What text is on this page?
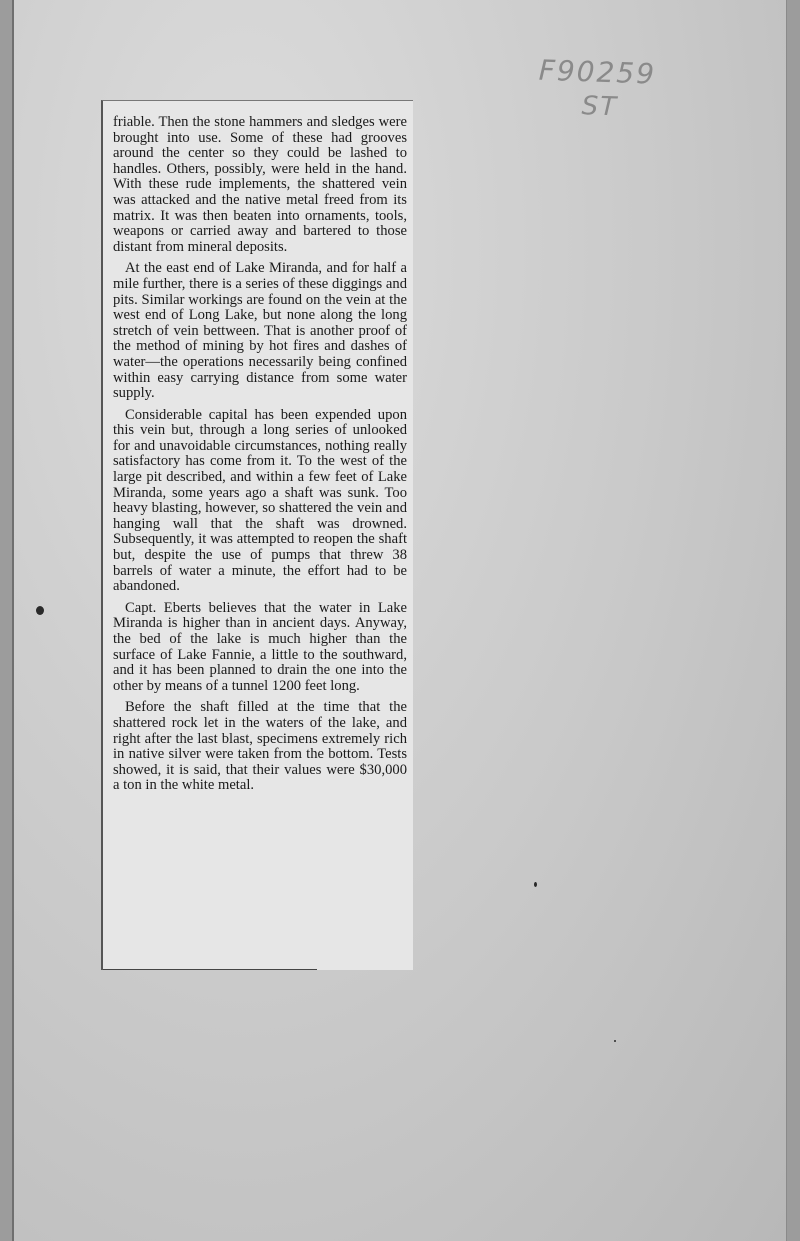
F90259
ST

friable. Then the stone hammers and sledges were brought into use. Some of these had grooves around the center so they could be lashed to handles. Others, possibly, were held in the hand. With these rude implements, the shattered vein was attacked and the native metal freed from its matrix. It was then beaten into ornaments, tools, weapons or carried away and bartered to those distant from mineral deposits.

At the east end of Lake Miranda, and for half a mile further, there is a series of these diggings and pits. Similar workings are found on the vein at the west end of Long Lake, but none along the long stretch of vein bettween. That is another proof of the method of mining by hot fires and dashes of water—the operations necessarily being confined within easy carrying distance from some water supply.

Considerable capital has been expended upon this vein but, through a long series of unlooked for and unavoidable circumstances, nothing really satisfactory has come from it. To the west of the large pit described, and within a few feet of Lake Miranda, some years ago a shaft was sunk. Too heavy blasting, however, so shattered the vein and hanging wall that the shaft was drowned. Subsequently, it was attempted to reopen the shaft but, despite the use of pumps that threw 38 barrels of water a minute, the effort had to be abandoned.

Capt. Eberts believes that the water in Lake Miranda is higher than in ancient days. Anyway, the bed of the lake is much higher than the surface of Lake Fannie, a little to the southward, and it has been planned to drain the one into the other by means of a tunnel 1200 feet long.

Before the shaft filled at the time that the shattered rock let in the waters of the lake, and right after the last blast, specimens extremely rich in native silver were taken from the bottom. Tests showed, it is said, that their values were $30,000 a ton in the white metal.
